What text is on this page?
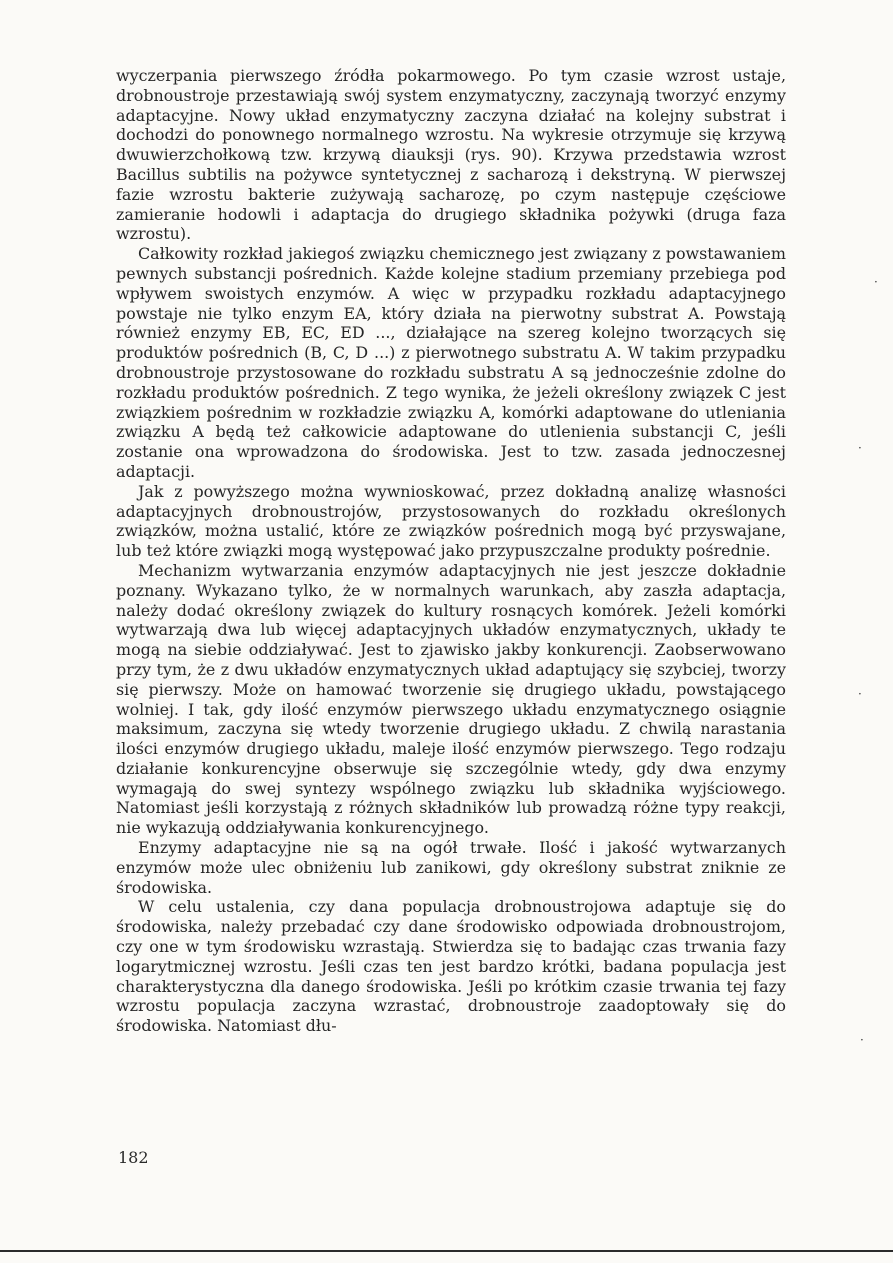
wyczerpania pierwszego źródła pokarmowego. Po tym czasie wzrost ustaje, drobnoustroje przestawiają swój system enzymatyczny, zaczynają tworzyć enzymy adaptacyjne. Nowy układ enzymatyczny zaczyna działać na kolejny substrat i dochodzi do ponownego normalnego wzrostu. Na wykresie otrzymuje się krzywą dwuwierzchołkową tzw. krzywą diauksji (rys. 90). Krzywa przedstawia wzrost Bacillus subtilis na pożywce syntetycznej z sacharozą i dekstryną. W pierwszej fazie wzrostu bakterie zużywają sacharozę, po czym następuje częściowe zamieranie hodowli i adaptacja do drugiego składnika pożywki (druga faza wzrostu).

Całkowity rozkład jakiegoś związku chemicznego jest związany z powstawaniem pewnych substancji pośrednich. Każde kolejne stadium przemiany przebiega pod wpływem swoistych enzymów. A więc w przypadku rozkładu adaptacyjnego powstaje nie tylko enzym EA, który działa na pierwotny substrat A. Powstają również enzymy EB, EC, ED ..., działające na szereg kolejno tworzących się produktów pośrednich (B, C, D ...) z pierwotnego substratu A. W takim przypadku drobnoustroje przystosowane do rozkładu substratu A są jednocześnie zdolne do rozkładu produktów pośrednich. Z tego wynika, że jeżeli określony związek C jest związkiem pośrednim w rozkładzie związku A, komórki adaptowane do utleniania związku A będą też całkowicie adaptowane do utlenienia substancji C, jeśli zostanie ona wprowadzona do środowiska. Jest to tzw. zasada jednoczesnej adaptacji.

Jak z powyższego można wywnioskować, przez dokładną analizę własności adaptacyjnych drobnoustrojów, przystosowanych do rozkładu określonych związków, można ustalić, które ze związków pośrednich mogą być przyswajane, lub też które związki mogą występować jako przypuszczalne produkty pośrednie.

Mechanizm wytwarzania enzymów adaptacyjnych nie jest jeszcze dokładnie poznany. Wykazano tylko, że w normalnych warunkach, aby zaszła adaptacja, należy dodać określony związek do kultury rosnących komórek. Jeżeli komórki wytwarzają dwa lub więcej adaptacyjnych układów enzymatycznych, układy te mogą na siebie oddziaływać. Jest to zjawisko jakby konkurencji. Zaobserwowano przy tym, że z dwu układów enzymatycznych układ adaptujący się szybciej, tworzy się pierwszy. Może on hamować tworzenie się drugiego układu, powstającego wolniej. I tak, gdy ilość enzymów pierwszego układu enzymatycznego osiągnie maksimum, zaczyna się wtedy tworzenie drugiego układu. Z chwilą narastania ilości enzymów drugiego układu, maleje ilość enzymów pierwszego. Tego rodzaju działanie konkurencyjne obserwuje się szczególnie wtedy, gdy dwa enzymy wymagają do swej syntezy wspólnego związku lub składnika wyjściowego. Natomiast jeśli korzystają z różnych składników lub prowadzą różne typy reakcji, nie wykazują oddziaływania konkurencyjnego.

Enzymy adaptacyjne nie są na ogół trwałe. Ilość i jakość wytwarzanych enzymów może ulec obniżeniu lub zanikowi, gdy określony substrat zniknie ze środowiska.

W celu ustalenia, czy dana populacja drobnoustrojowa adaptuje się do środowiska, należy przebadać czy dane środowisko odpowiada drobnoustrojom, czy one w tym środowisku wzrastają. Stwierdza się to badając czas trwania fazy logarytmicznej wzrostu. Jeśli czas ten jest bardzo krótki, badana populacja jest charakterystyczna dla danego środowiska. Jeśli po krótkim czasie trwania tej fazy wzrostu populacja zaczyna wzrastać, drobnoustroje zaadoptowały się do środowiska. Natomiast dłu-

182
·
·
·
·
